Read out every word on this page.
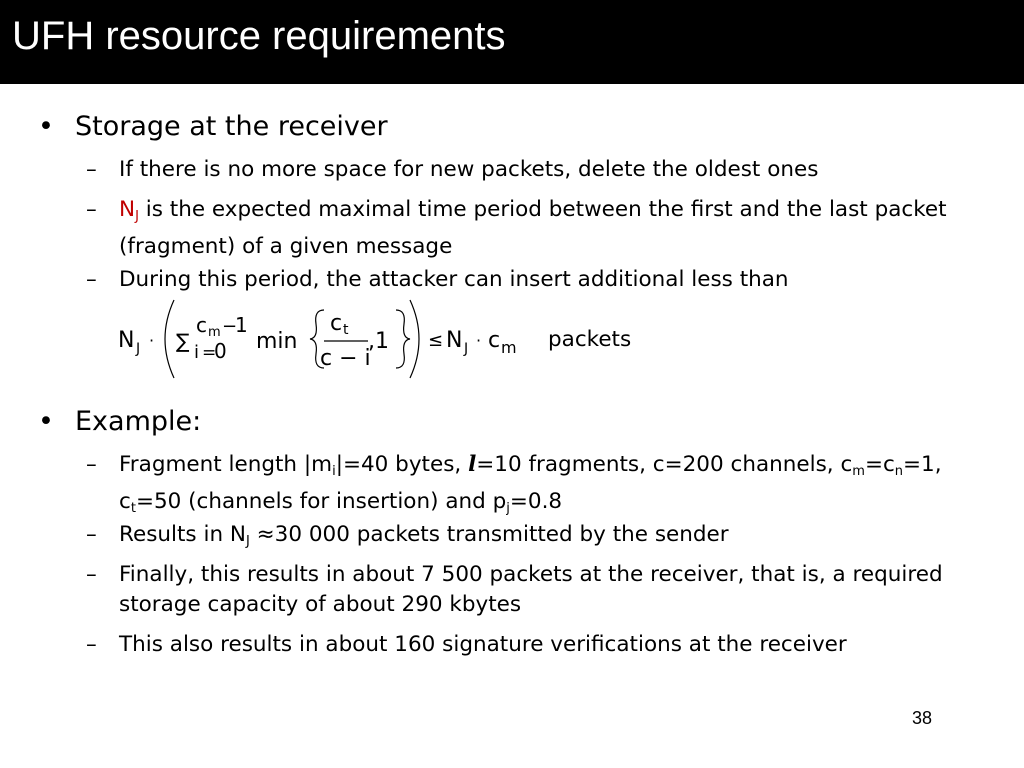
UFH resource requirements
• Storage at the receiver
– If there is no more space for new packets, delete the oldest ones
– $N_J$ is the expected maximal time period between the first and the last packet (fragment) of a given message
– During this period, the attacker can insert additional less than
N J · ∑
c m −
1
i =
0 min
c t
c − i
,1 ≤ N J · c m packets
• Example:
– Fragment length $|m_i|=40$ bytes, l=10 fragments, c=200 channels, $c_m=c_n=1$, $c_t=50$ (channels for insertion) and $p_j=0.8$
– Results in $N_J \approx 30$ 000 packets transmitted by the sender
– Finally, this results in about 7 500 packets at the receiver, that is, a required storage capacity of about 290 kbytes
– This also results in about 160 signature verifications at the receiver
38
